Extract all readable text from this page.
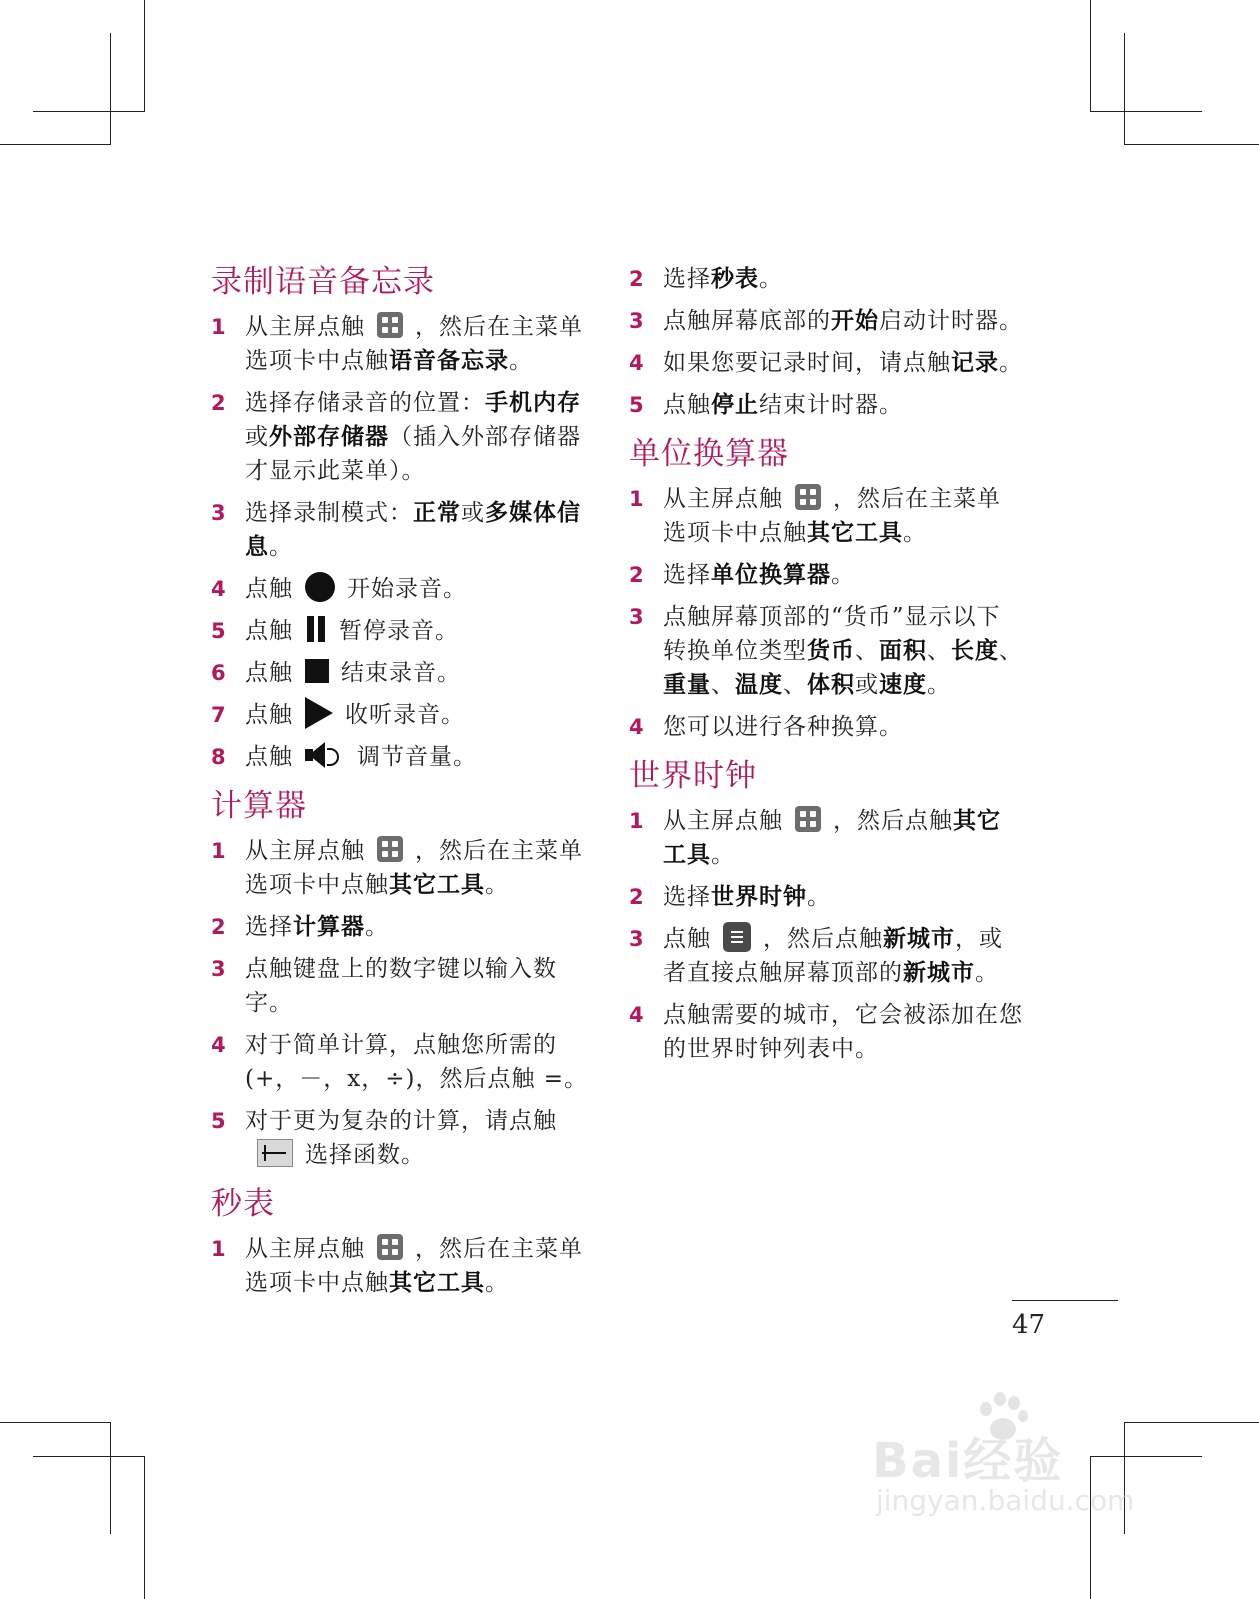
录制语音备忘录
1 从主屏点触 ，然后在主菜单选项卡中点触语音备忘录。
2 选择存储录音的位置：手机内存或外部存储器（插入外部存储器才显示此菜单）。
3 选择录制模式：正常或多媒体信息。
4 点触 开始录音。
5 点触 暂停录音。
6 点触 结束录音。
7 点触 收听录音。
8 点触	调节音量。
计算器
1 从主屏点触 ，然后在主菜单选项卡中点触其它工具。
2 选择计算器。
3 点触键盘上的数字键以输入数字。
4 对于简单计算，点触您所需的(+，－，x，÷)，然后点触 =。
5 对于更为复杂的计算，请点触选择函数。
秒表
1 从主屏点触 ，然后在主菜单选项卡中点触其它工具。
2 选择秒表。
3 点触屏幕底部的开始启动计时器。
4 如果您要记录时间，请点触记录。
5 点触停止结束计时器。
单位换算器
1 从主屏点触 ，然后在主菜单选项卡中点触其它工具。
2 选择单位换算器。
3 点触屏幕顶部的“货币”显示以下转换单位类型货币、面积、长度、重量、温度、体积或速度。
4 您可以进行各种换算。
世界时钟
1 从主屏点触 ，然后点触其它工具。
2 选择世界时钟。
3 点触 ，然后点触新城市，或者直接点触屏幕顶部的新城市。
4 点触需要的城市，它会被添加在您的世界时钟列表中。
47
Bai经验
jingyan.baidu.com
